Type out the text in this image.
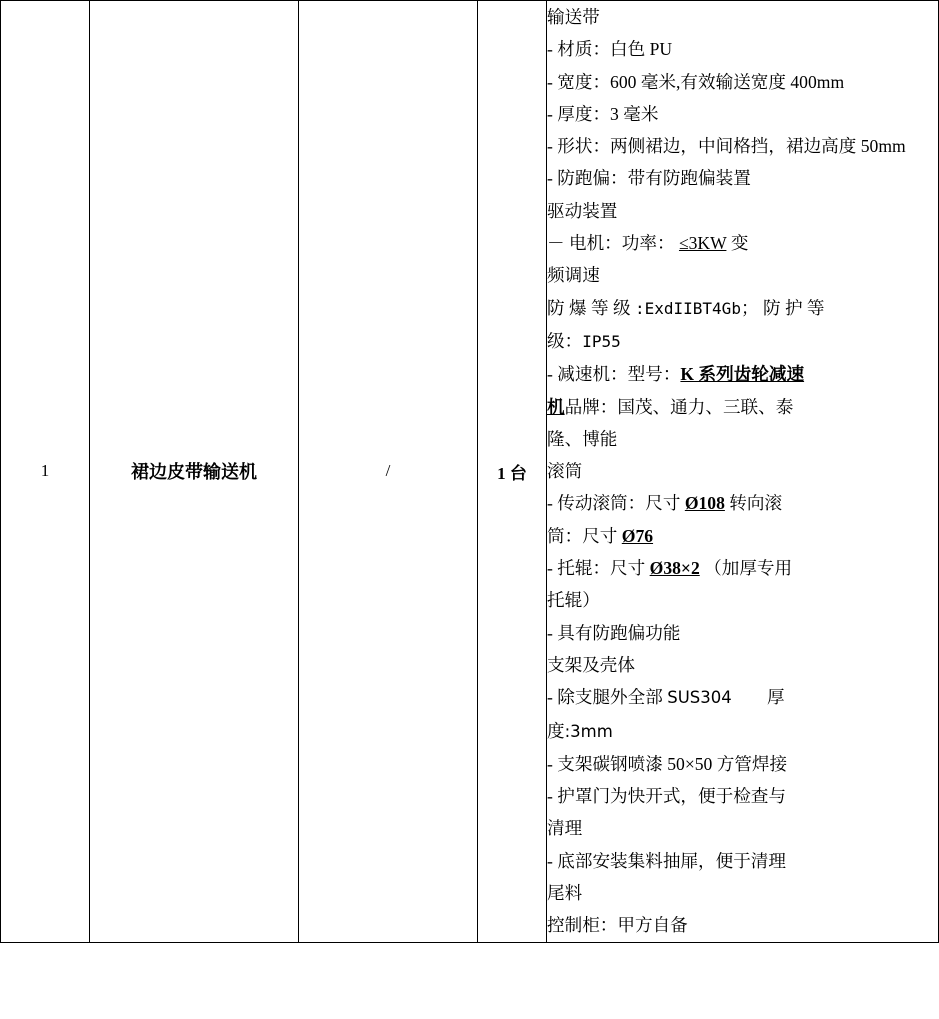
1	裙边皮带输送机	/	1 台	
输送带
- 材质：白色 PU
- 宽度：600 毫米,有效输送宽度 400mm
- 厚度：3 毫米
- 形状：两侧裙边，中间格挡，裙边高度 50mm
- 防跑偏：带有防跑偏装置
驱动装置
－ 电机：功率： ≤3KW 变
频调速
防 爆 等 级 :ExdIIBT4Gb； 防 护 等
级：IP55
- 减速机：型号：K 系列齿轮减速
机品牌：国茂、通力、三联、泰
隆、博能
滚筒
- 传动滚筒：尺寸 Ø108 转向滚
筒：尺寸 Ø76
- 托辊：尺寸 Ø38×2 （加厚专用
托辊）
- 具有防跑偏功能
支架及壳体
- 除支腿外全部 SUS304　　厚
度:3mm
- 支架碳钢喷漆 50×50 方管焊接
- 护罩门为快开式，便于检查与
清理
- 底部安装集料抽屝，便于清理
尾料
控制柜：甲方自备
